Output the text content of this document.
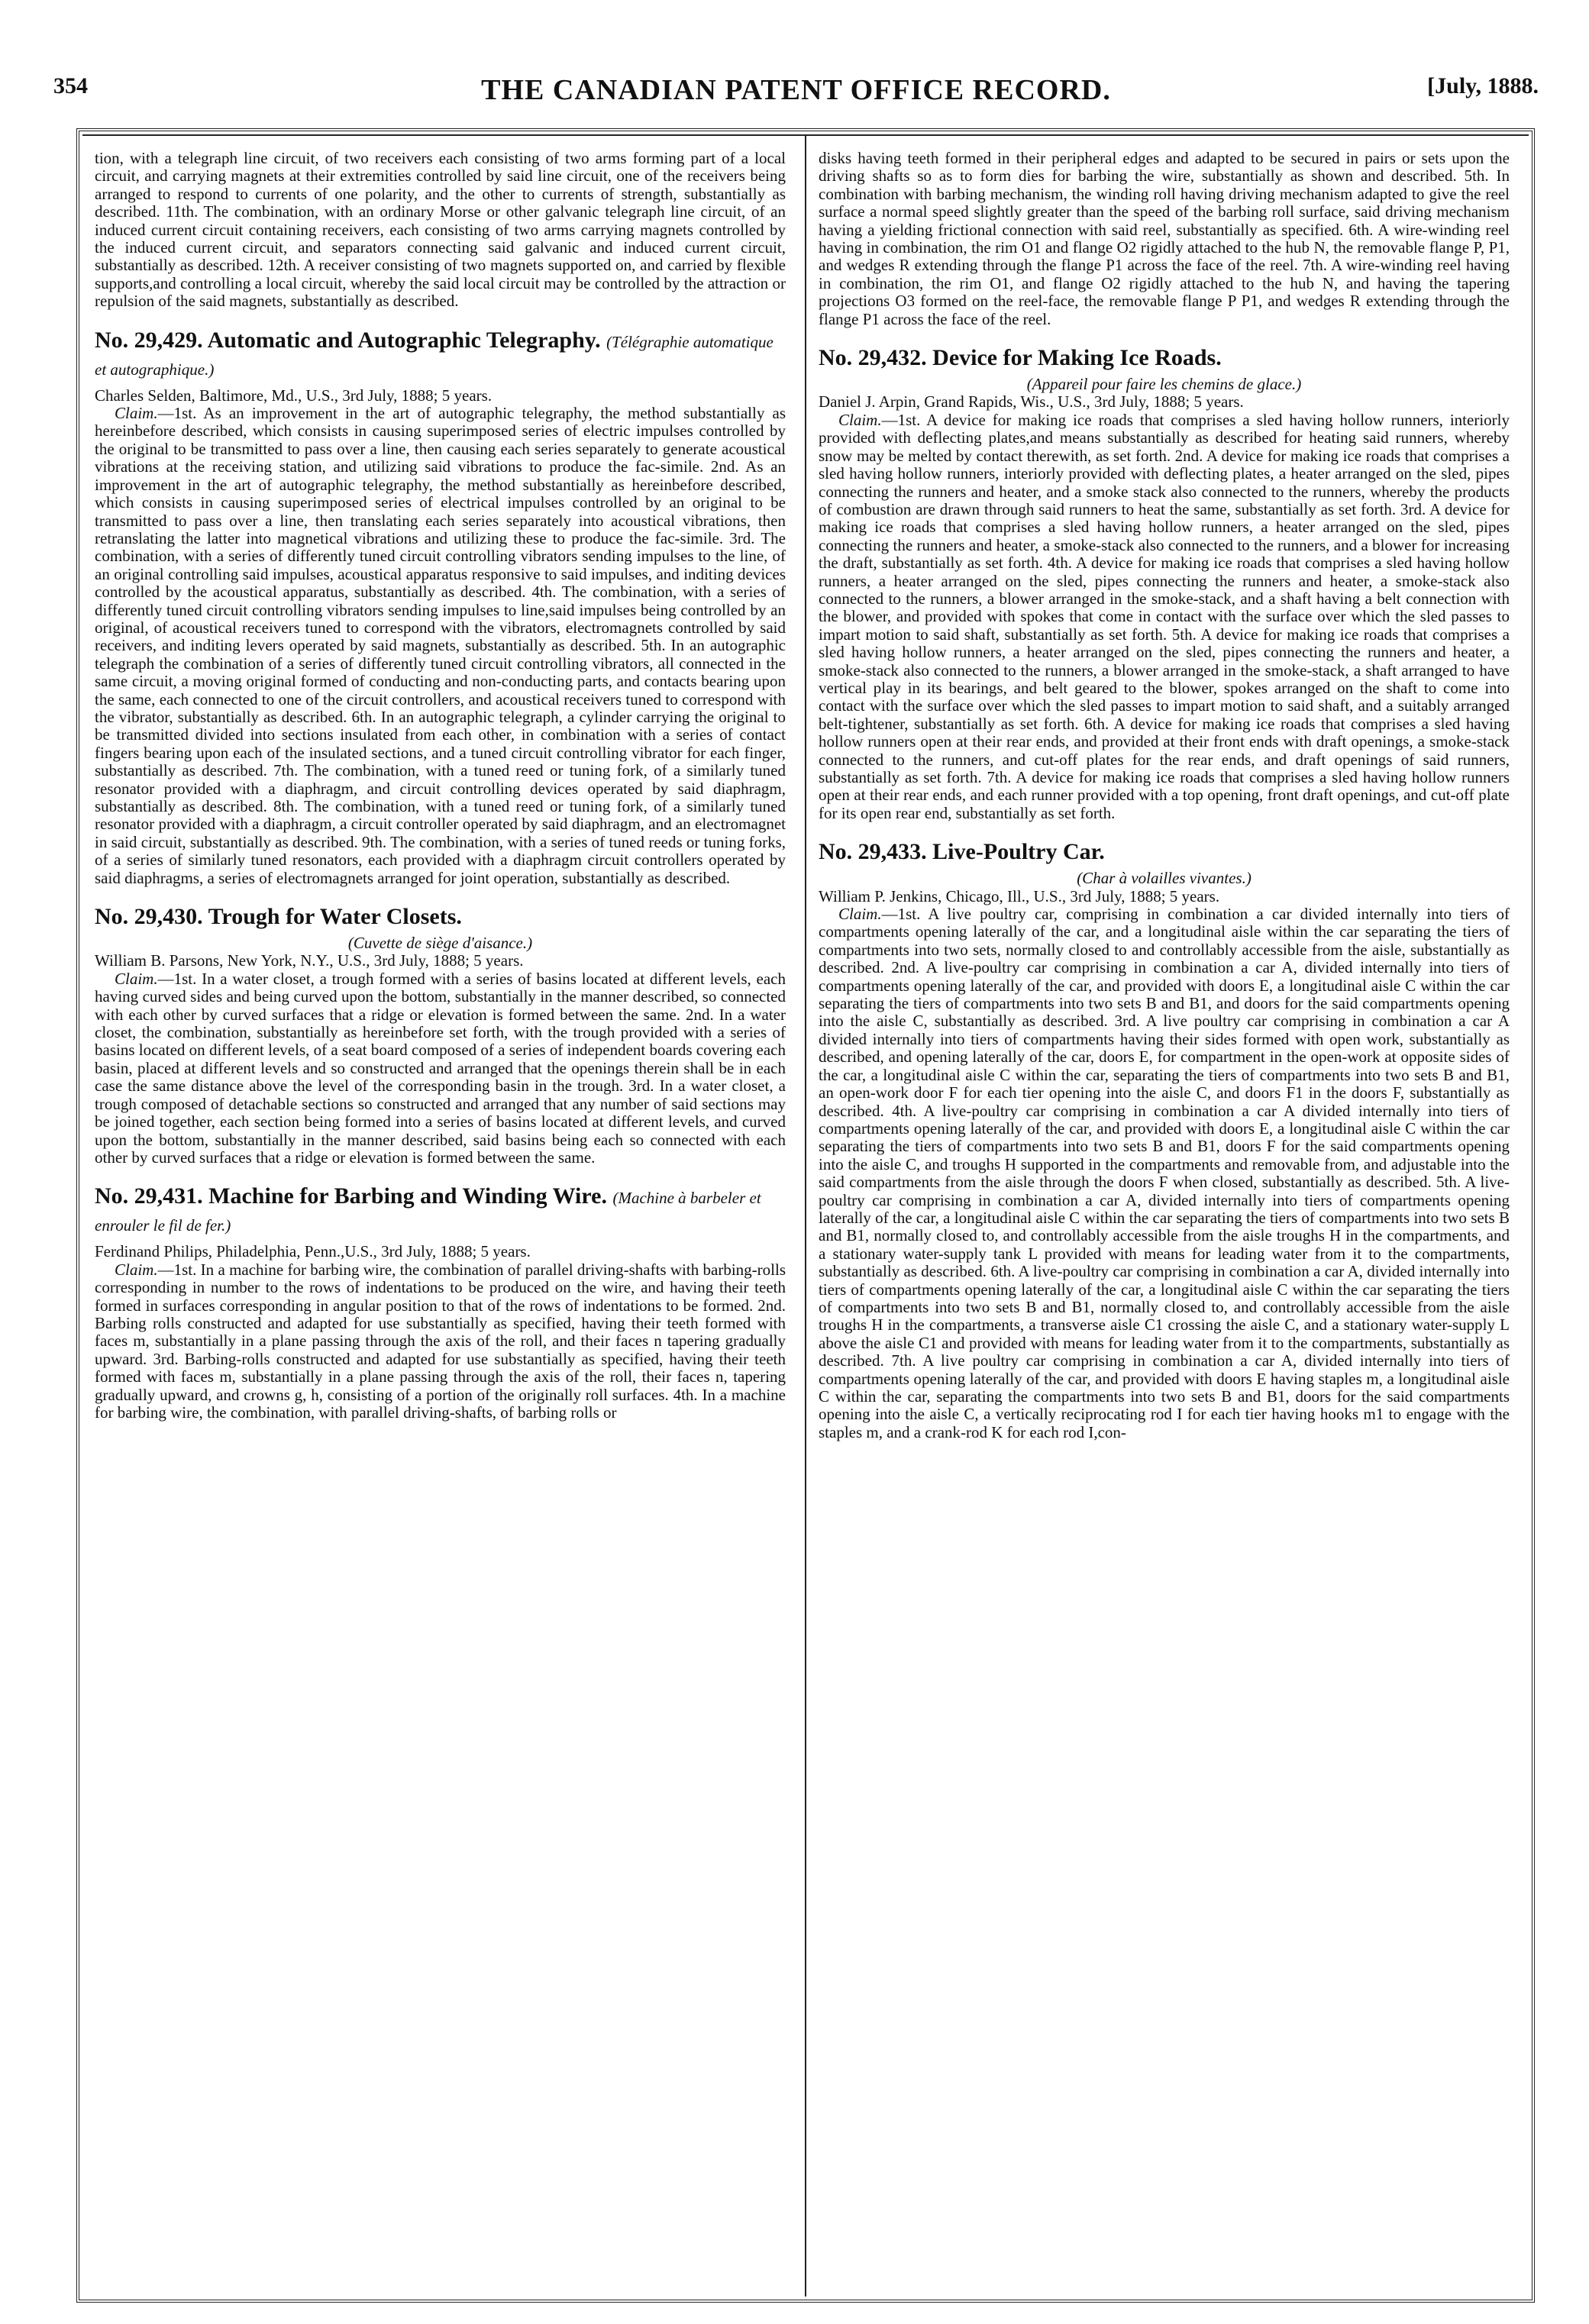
354	THE CANADIAN PATENT OFFICE RECORD.	[July, 1888.

tion, with a telegraph line circuit, of two receivers each consisting of two arms forming part of a local circuit, and carrying magnets at their extremities controlled by said line circuit, one of the receivers being arranged to respond to currents of one polarity, and the other to currents of strength, substantially as described. 11th. The combination, with an ordinary Morse or other galvanic telegraph line circuit, of an induced current circuit containing receivers, each consisting of two arms carrying magnets controlled by the induced current circuit, and separators connecting said galvanic and induced current circuit, substantially as described. 12th. A receiver consisting of two magnets supported on, and carried by flexible supports,and controlling a local circuit, whereby the said local circuit may be controlled by the attraction or repulsion of the said magnets, substantially as described.

No. 29,429. Automatic and Autographic Telegraphy. (Télégraphie automatique et autographique.)

Charles Selden, Baltimore, Md., U.S., 3rd July, 1888; 5 years.

Claim.—1st. As an improvement in the art of autographic telegraphy, the method substantially as hereinbefore described, which consists in causing superimposed series of electric impulses controlled by the original to be transmitted to pass over a line, then causing each series separately to generate acoustical vibrations at the receiving station, and utilizing said vibrations to produce the fac-simile. 2nd. As an improvement in the art of autographic telegraphy, the method substantially as hereinbefore described, which consists in causing superimposed series of electrical impulses controlled by an original to be transmitted to pass over a line, then translating each series separately into acoustical vibrations, then retranslating the latter into magnetical vibrations and utilizing these to produce the fac-simile. 3rd. The combination, with a series of differently tuned circuit controlling vibrators sending impulses to the line, of an original controlling said impulses, acoustical apparatus responsive to said impulses, and inditing devices controlled by the acoustical apparatus, substantially as described. 4th. The combination, with a series of differently tuned circuit controlling vibrators sending impulses to line,said impulses being controlled by an original, of acoustical receivers tuned to correspond with the vibrators, electromagnets controlled by said receivers, and inditing levers operated by said magnets, substantially as described. 5th. In an autographic telegraph the combination of a series of differently tuned circuit controlling vibrators, all connected in the same circuit, a moving original formed of conducting and non-conducting parts, and contacts bearing upon the same, each connected to one of the circuit controllers, and acoustical receivers tuned to correspond with the vibrator, substantially as described. 6th. In an autographic telegraph, a cylinder carrying the original to be transmitted divided into sections insulated from each other, in combination with a series of contact fingers bearing upon each of the insulated sections, and a tuned circuit controlling vibrator for each finger, substantially as described. 7th. The combination, with a tuned reed or tuning fork, of a similarly tuned resonator provided with a diaphragm, and circuit controlling devices operated by said diaphragm, substantially as described. 8th. The combination, with a tuned reed or tuning fork, of a similarly tuned resonator provided with a diaphragm, a circuit controller operated by said diaphragm, and an electromagnet in said circuit, substantially as described. 9th. The combination, with a series of tuned reeds or tuning forks, of a series of similarly tuned resonators, each provided with a diaphragm circuit controllers operated by said diaphragms, a series of electromagnets arranged for joint operation, substantially as described.

No. 29,430. Trough for Water Closets.

(Cuvette de siège d'aisance.)

William B. Parsons, New York, N.Y., U.S., 3rd July, 1888; 5 years.

Claim.—1st. In a water closet, a trough formed with a series of basins located at different levels, each having curved sides and being curved upon the bottom, substantially in the manner described, so connected with each other by curved surfaces that a ridge or elevation is formed between the same. 2nd. In a water closet, the combination, substantially as hereinbefore set forth, with the trough provided with a series of basins located on different levels, of a seat board composed of a series of independent boards covering each basin, placed at different levels and so constructed and arranged that the openings therein shall be in each case the same distance above the level of the corresponding basin in the trough. 3rd. In a water closet, a trough composed of detachable sections so constructed and arranged that any number of said sections may be joined together, each section being formed into a series of basins located at different levels, and curved upon the bottom, substantially in the manner described, said basins being each so connected with each other by curved surfaces that a ridge or elevation is formed between the same.

No. 29,431. Machine for Barbing and Winding Wire. (Machine à barbeler et enrouler le fil de fer.)

Ferdinand Philips, Philadelphia, Penn.,U.S., 3rd July, 1888; 5 years.

Claim.—1st. In a machine for barbing wire, the combination of parallel driving-shafts with barbing-rolls corresponding in number to the rows of indentations to be produced on the wire, and having their teeth formed in surfaces corresponding in angular position to that of the rows of indentations to be formed. 2nd. Barbing rolls constructed and adapted for use substantially as specified, having their teeth formed with faces m, substantially in a plane passing through the axis of the roll, and their faces n tapering gradually upward. 3rd. Barbing-rolls constructed and adapted for use substantially as specified, having their teeth formed with faces m, substantially in a plane passing through the axis of the roll, their faces n, tapering gradually upward, and crowns g, h, consisting of a portion of the originally roll surfaces. 4th. In a machine for barbing wire, the combination, with parallel driving-shafts, of barbing rolls or

disks having teeth formed in their peripheral edges and adapted to be secured in pairs or sets upon the driving shafts so as to form dies for barbing the wire, substantially as shown and described. 5th. In combination with barbing mechanism, the winding roll having driving mechanism adapted to give the reel surface a normal speed slightly greater than the speed of the barbing roll surface, said driving mechanism having a yielding frictional connection with said reel, substantially as specified. 6th. A wire-winding reel having in combination, the rim O1 and flange O2 rigidly attached to the hub N, the removable flange P, P1, and wedges R extending through the flange P1 across the face of the reel. 7th. A wire-winding reel having in combination, the rim O1, and flange O2 rigidly attached to the hub N, and having the tapering projections O3 formed on the reel-face, the removable flange P P1, and wedges R extending through the flange P1 across the face of the reel.

No. 29,432. Device for Making Ice Roads.

(Appareil pour faire les chemins de glace.)

Daniel J. Arpin, Grand Rapids, Wis., U.S., 3rd July, 1888; 5 years.

Claim.—1st. A device for making ice roads that comprises a sled having hollow runners, interiorly provided with deflecting plates,and means substantially as described for heating said runners, whereby snow may be melted by contact therewith, as set forth. 2nd. A device for making ice roads that comprises a sled having hollow runners, interiorly provided with deflecting plates, a heater arranged on the sled, pipes connecting the runners and heater, and a smoke stack also connected to the runners, whereby the products of combustion are drawn through said runners to heat the same, substantially as set forth. 3rd. A device for making ice roads that comprises a sled having hollow runners, a heater arranged on the sled, pipes connecting the runners and heater, a smoke-stack also connected to the runners, and a blower for increasing the draft, substantially as set forth. 4th. A device for making ice roads that comprises a sled having hollow runners, a heater arranged on the sled, pipes connecting the runners and heater, a smoke-stack also connected to the runners, a blower arranged in the smoke-stack, and a shaft having a belt connection with the blower, and provided with spokes that come in contact with the surface over which the sled passes to impart motion to said shaft, substantially as set forth. 5th. A device for making ice roads that comprises a sled having hollow runners, a heater arranged on the sled, pipes connecting the runners and heater, a smoke-stack also connected to the runners, a blower arranged in the smoke-stack, a shaft arranged to have vertical play in its bearings, and belt geared to the blower, spokes arranged on the shaft to come into contact with the surface over which the sled passes to impart motion to said shaft, and a suitably arranged belt-tightener, substantially as set forth. 6th. A device for making ice roads that comprises a sled having hollow runners open at their rear ends, and provided at their front ends with draft openings, a smoke-stack connected to the runners, and cut-off plates for the rear ends, and draft openings of said runners, substantially as set forth. 7th. A device for making ice roads that comprises a sled having hollow runners open at their rear ends, and each runner provided with a top opening, front draft openings, and cut-off plate for its open rear end, substantially as set forth.

No. 29,433. Live-Poultry Car.

(Char à volailles vivantes.)

William P. Jenkins, Chicago, Ill., U.S., 3rd July, 1888; 5 years.

Claim.—1st. A live poultry car, comprising in combination a car divided internally into tiers of compartments opening laterally of the car, and a longitudinal aisle within the car separating the tiers of compartments into two sets, normally closed to and controllably accessible from the aisle, substantially as described. 2nd. A live-poultry car comprising in combination a car A, divided internally into tiers of compartments opening laterally of the car, and provided with doors E, a longitudinal aisle C within the car separating the tiers of compartments into two sets B and B1, and doors for the said compartments opening into the aisle C, substantially as described. 3rd. A live poultry car comprising in combination a car A divided internally into tiers of compartments having their sides formed with open work, substantially as described, and opening laterally of the car, doors E, for compartment in the open-work at opposite sides of the car, a longitudinal aisle C within the car, separating the tiers of compartments into two sets B and B1, an open-work door F for each tier opening into the aisle C, and doors F1 in the doors F, substantially as described. 4th. A live-poultry car comprising in combination a car A divided internally into tiers of compartments opening laterally of the car, and provided with doors E, a longitudinal aisle C within the car separating the tiers of compartments into two sets B and B1, doors F for the said compartments opening into the aisle C, and troughs H supported in the compartments and removable from, and adjustable into the said compartments from the aisle through the doors F when closed, substantially as described. 5th. A live-poultry car comprising in combination a car A, divided internally into tiers of compartments opening laterally of the car, a longitudinal aisle C within the car separating the tiers of compartments into two sets B and B1, normally closed to, and controllably accessible from the aisle troughs H in the compartments, and a stationary water-supply tank L provided with means for leading water from it to the compartments, substantially as described. 6th. A live-poultry car comprising in combination a car A, divided internally into tiers of compartments opening laterally of the car, a longitudinal aisle C within the car separating the tiers of compartments into two sets B and B1, normally closed to, and controllably accessible from the aisle troughs H in the compartments, a transverse aisle C1 crossing the aisle C, and a stationary water-supply L above the aisle C1 and provided with means for leading water from it to the compartments, substantially as described. 7th. A live poultry car comprising in combination a car A, divided internally into tiers of compartments opening laterally of the car, and provided with doors E having staples m, a longitudinal aisle C within the car, separating the compartments into two sets B and B1, doors for the said compartments opening into the aisle C, a vertically reciprocating rod I for each tier having hooks m1 to engage with the staples m, and a crank-rod K for each rod I,con-
